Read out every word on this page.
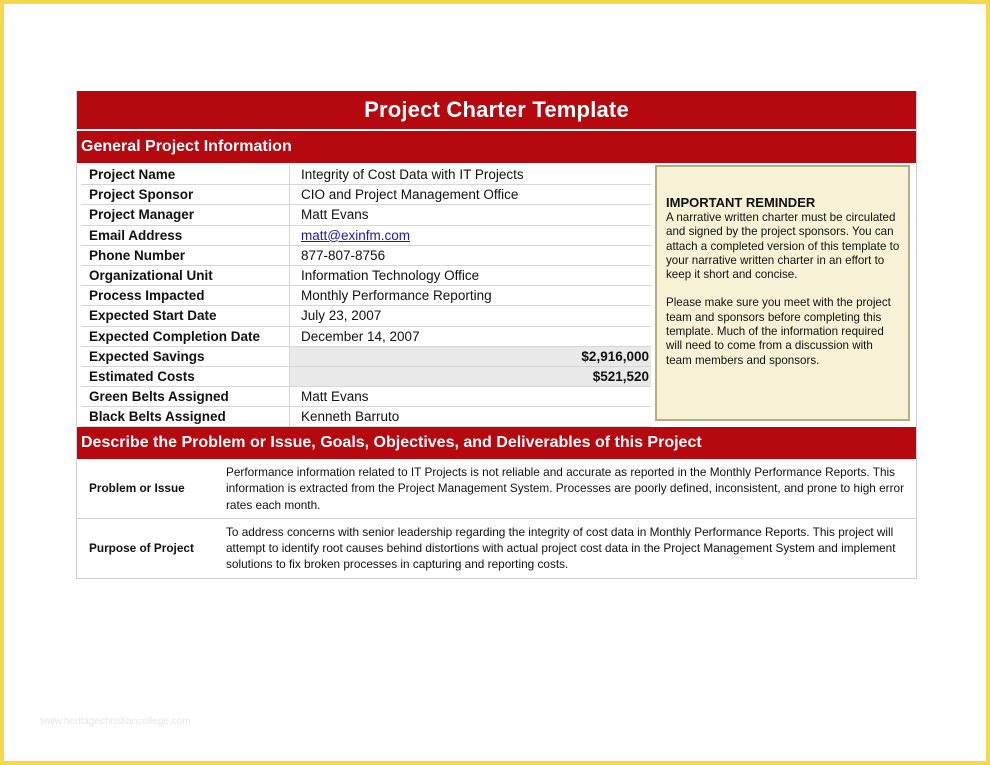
Project Charter Template
General Project Information
Project Name	Integrity of Cost Data with IT Projects
Project Sponsor	CIO and Project Management Office
Project Manager	Matt Evans
Email Address	matt@exinfm.com
Phone Number	877-807-8756
Organizational Unit	Information Technology Office
Process Impacted	Monthly Performance Reporting
Expected Start Date	July 23, 2007
Expected Completion Date	December 14, 2007
Expected Savings	$2,916,000
Estimated Costs	$521,520
Green Belts Assigned	Matt Evans
Black Belts Assigned	Kenneth Barruto
IMPORTANT REMINDER

A narrative written charter must be circulated and signed by the project sponsors. You can attach a completed version of this template to your narrative written charter in an effort to keep it short and concise.

Please make sure you meet with the project team and sponsors before completing this template. Much of the information required will need to come from a discussion with team members and sponsors.

Describe the Problem or Issue, Goals, Objectives, and Deliverables of this Project
Problem or Issue
Performance information related to IT Projects is not reliable and accurate as reported in the Monthly Performance Reports. This information is extracted from the Project Management System. Processes are poorly defined, inconsistent, and prone to high error rates each month.
Purpose of Project
To address concerns with senior leadership regarding the integrity of cost data in Monthly Performance Reports. This project will attempt to identify root causes behind distortions with actual project cost data in the Project Management System and implement solutions to fix broken processes in capturing and reporting costs.
www.heritagechristiancollege.com
